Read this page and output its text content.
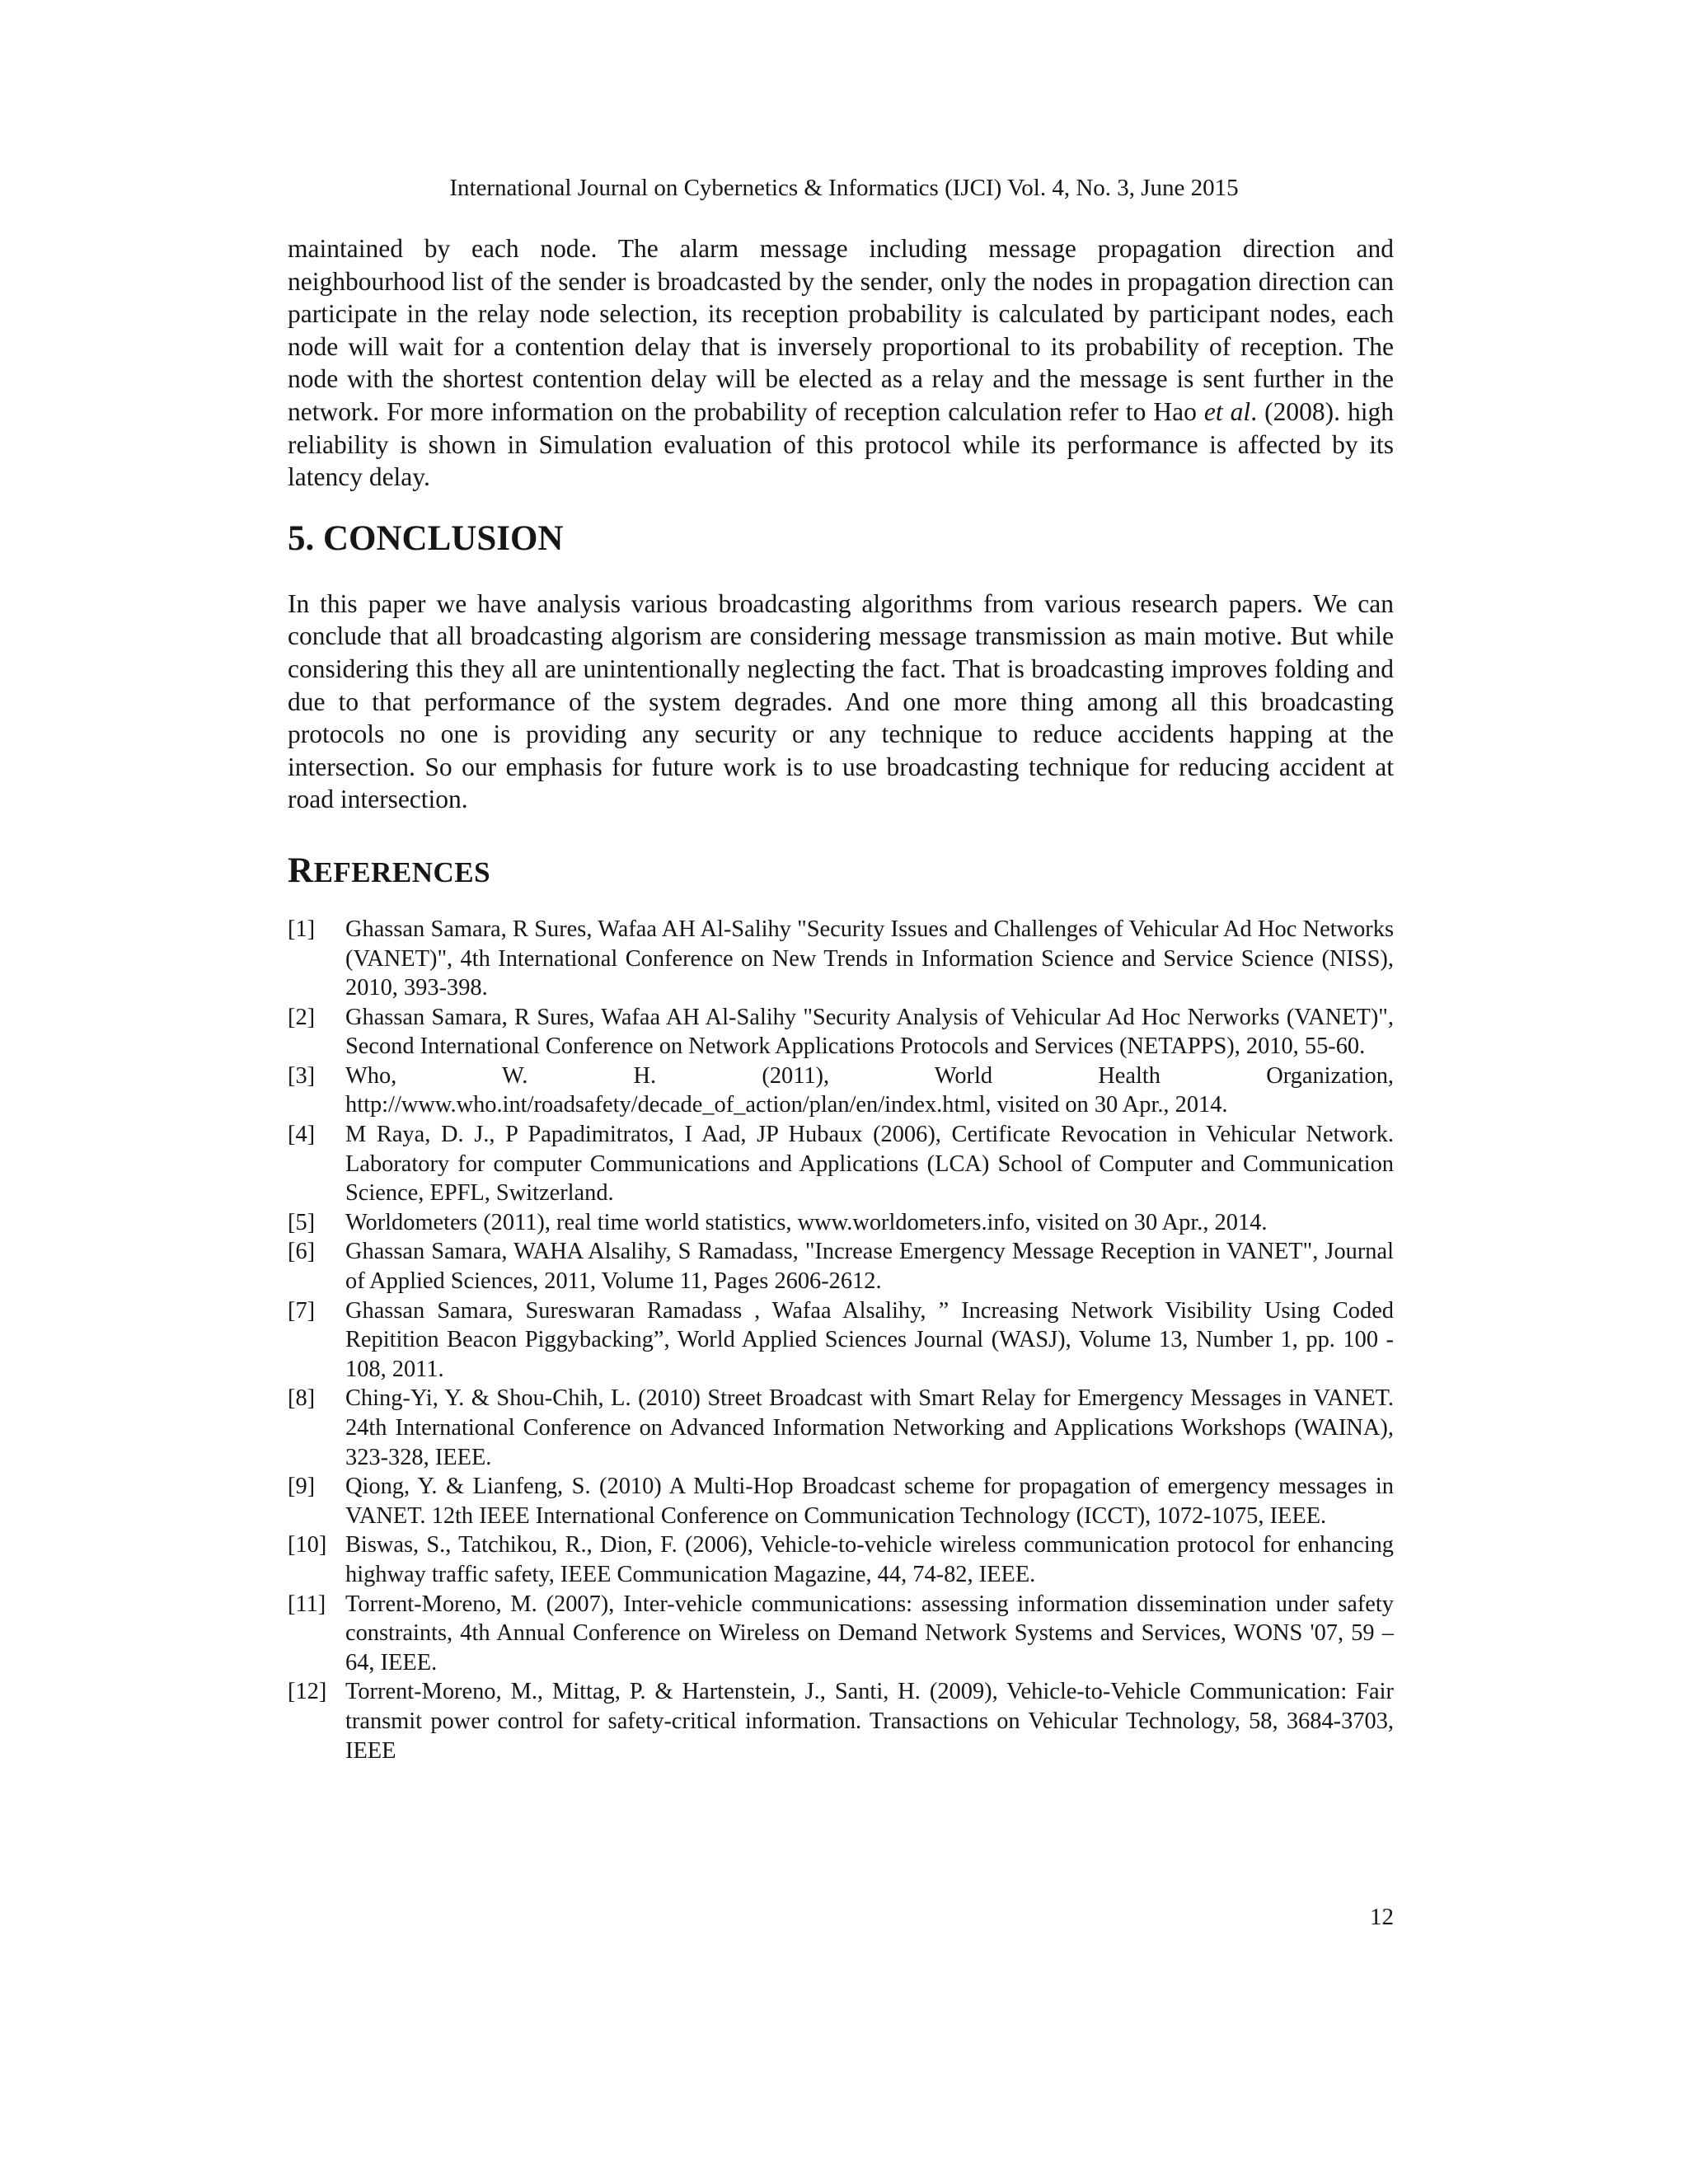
International Journal on Cybernetics & Informatics (IJCI) Vol. 4, No. 3, June 2015

maintained by each node. The alarm message including message propagation direction and neighbourhood list of the sender is broadcasted by the sender, only the nodes in propagation direction can participate in the relay node selection, its reception probability is calculated by participant nodes, each node will wait for a contention delay that is inversely proportional to its probability of reception. The node with the shortest contention delay will be elected as a relay and the message is sent further in the network. For more information on the probability of reception calculation refer to Hao et al. (2008). high reliability is shown in Simulation evaluation of this protocol while its performance is affected by its latency delay.

5. CONCLUSION

In this paper we have analysis various broadcasting algorithms from various research papers. We can conclude that all broadcasting algorism are considering message transmission as main motive. But while considering this they all are unintentionally neglecting the fact. That is broadcasting improves folding and due to that performance of the system degrades. And one more thing among all this broadcasting protocols no one is providing any security or any technique to reduce accidents happing at the intersection. So our emphasis for future work is to use broadcasting technique for reducing accident at road intersection.

REFERENCES
[1] Ghassan Samara, R Sures, Wafaa AH Al-Salihy "Security Issues and Challenges of Vehicular Ad Hoc Networks (VANET)", 4th International Conference on New Trends in Information Science and Service Science (NISS), 2010, 393-398.
[2] Ghassan Samara, R Sures, Wafaa AH Al-Salihy "Security Analysis of Vehicular Ad Hoc Nerworks (VANET)", Second International Conference on Network Applications Protocols and Services (NETAPPS), 2010, 55-60.
[3] Who, W. H. (2011), World Health Organization, http://www.who.int/roadsafety/decade_of_action/plan/en/index.html, visited on 30 Apr., 2014.
[4] M Raya, D. J., P Papadimitratos, I Aad, JP Hubaux (2006), Certificate Revocation in Vehicular Network. Laboratory for computer Communications and Applications (LCA) School of Computer and Communication Science, EPFL, Switzerland.
[5] Worldometers (2011), real time world statistics, www.worldometers.info, visited on 30 Apr., 2014.
[6] Ghassan Samara, WAHA Alsalihy, S Ramadass, "Increase Emergency Message Reception in VANET", Journal of Applied Sciences, 2011, Volume 11, Pages 2606-2612.
[7] Ghassan Samara, Sureswaran Ramadass , Wafaa Alsalihy, ” Increasing Network Visibility Using Coded Repitition Beacon Piggybacking”, World Applied Sciences Journal (WASJ), Volume 13, Number 1, pp. 100 - 108, 2011.
[8] Ching-Yi, Y. & Shou-Chih, L. (2010) Street Broadcast with Smart Relay for Emergency Messages in VANET. 24th International Conference on Advanced Information Networking and Applications Workshops (WAINA), 323-328, IEEE.
[9] Qiong, Y. & Lianfeng, S. (2010) A Multi-Hop Broadcast scheme for propagation of emergency messages in VANET. 12th IEEE International Conference on Communication Technology (ICCT), 1072-1075, IEEE.
[10] Biswas, S., Tatchikou, R., Dion, F. (2006), Vehicle-to-vehicle wireless communication protocol for enhancing highway traffic safety, IEEE Communication Magazine, 44, 74-82, IEEE.
[11] Torrent-Moreno, M. (2007), Inter-vehicle communications: assessing information dissemination under safety constraints, 4th Annual Conference on Wireless on Demand Network Systems and Services, WONS '07, 59 – 64, IEEE.
[12] Torrent-Moreno, M., Mittag, P. & Hartenstein, J., Santi, H. (2009), Vehicle-to-Vehicle Communication: Fair transmit power control for safety-critical information. Transactions on Vehicular Technology, 58, 3684-3703, IEEE
12
